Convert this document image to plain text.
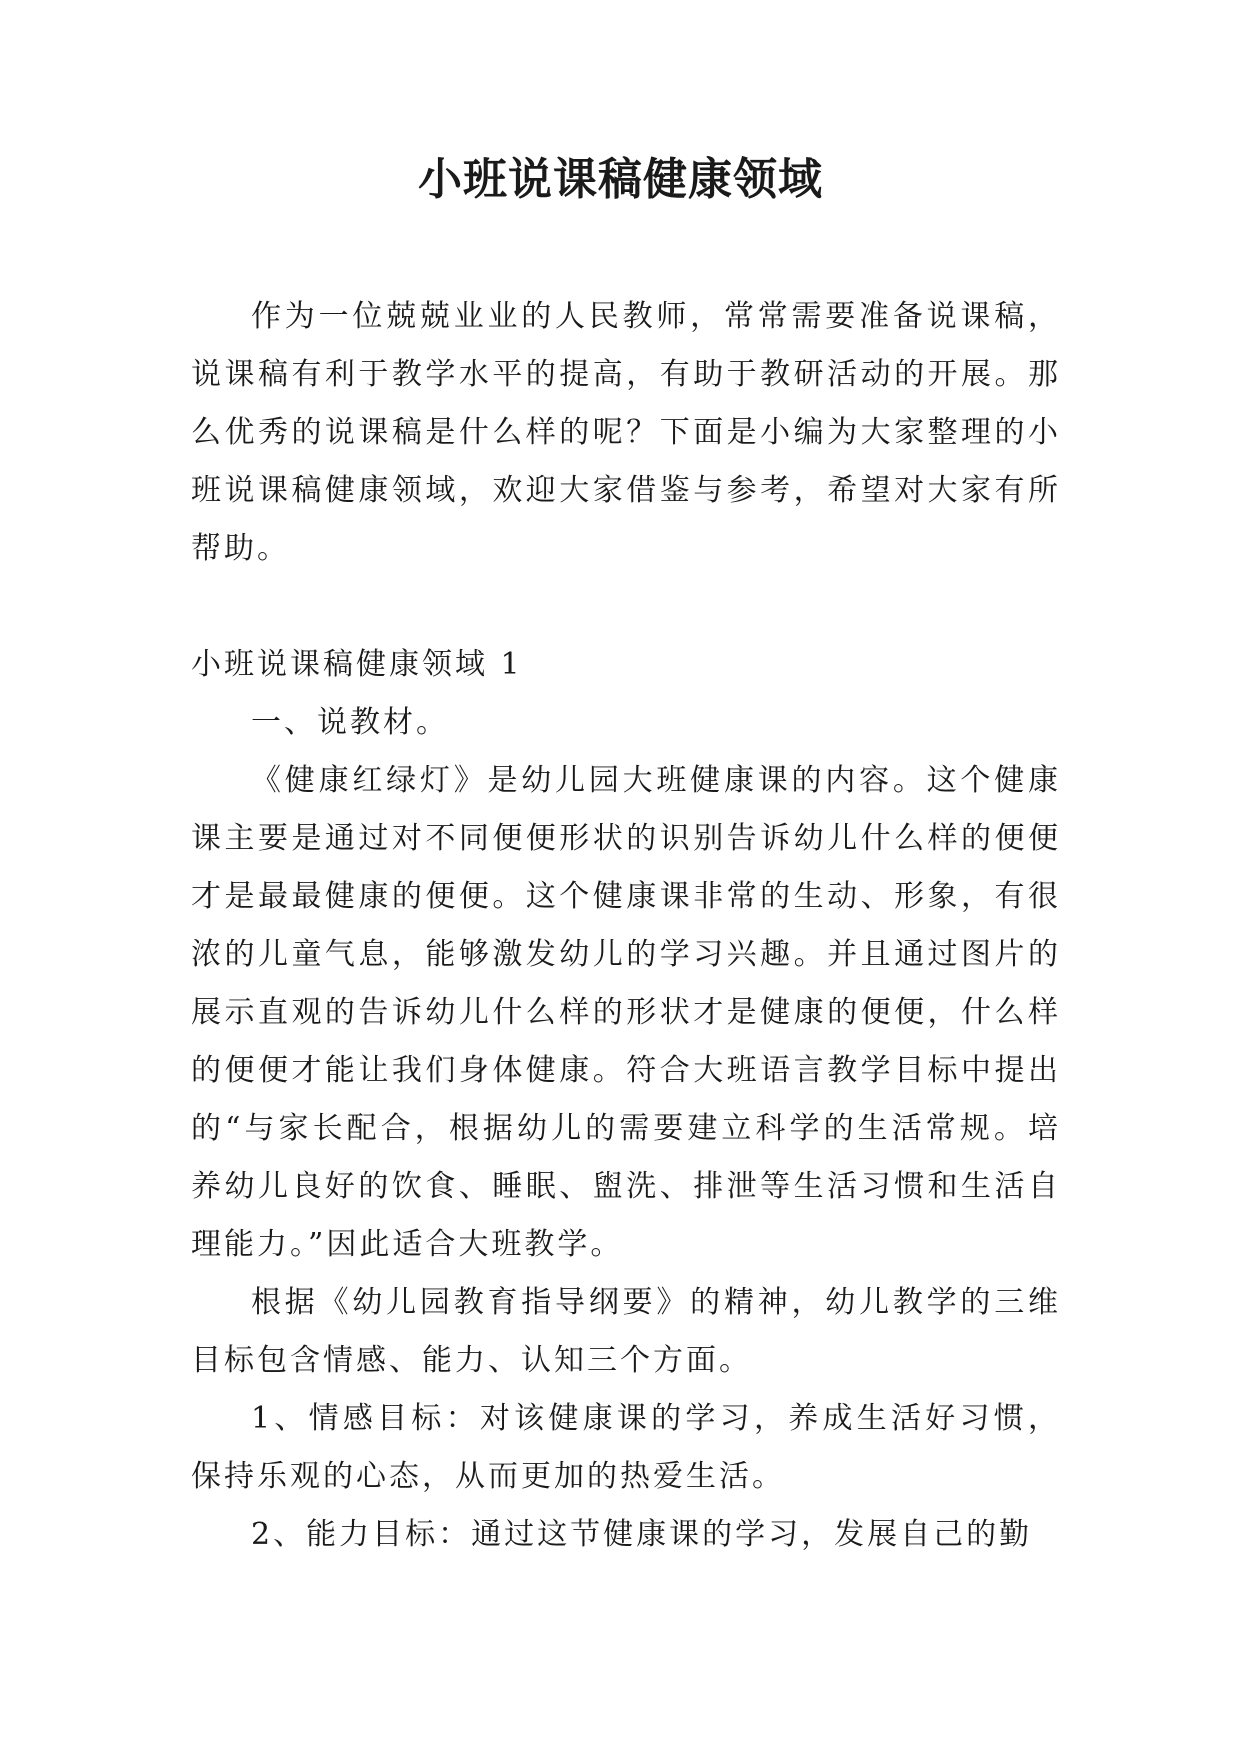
小班说课稿健康领域

作为一位兢兢业业的人民教师，常常需要准备说课稿，说课稿有利于教学水平的提高，有助于教研活动的开展。那么优秀的说课稿是什么样的呢？下面是小编为大家整理的小班说课稿健康领域，欢迎大家借鉴与参考，希望对大家有所帮助。

小班说课稿健康领域 1

一、说教材。

《健康红绿灯》是幼儿园大班健康课的内容。这个健康课主要是通过对不同便便形状的识别告诉幼儿什么样的便便才是最最健康的便便。这个健康课非常的生动、形象，有很浓的儿童气息，能够激发幼儿的学习兴趣。并且通过图片的展示直观的告诉幼儿什么样的形状才是健康的便便，什么样的便便才能让我们身体健康。符合大班语言教学目标中提出的“与家长配合，根据幼儿的需要建立科学的生活常规。培养幼儿良好的饮食、睡眠、盥洗、排泄等生活习惯和生活自理能力。”因此适合大班教学。

根据《幼儿园教育指导纲要》的精神，幼儿教学的三维目标包含情感、能力、认知三个方面。

1、情感目标：对该健康课的学习，养成生活好习惯，保持乐观的心态，从而更加的热爱生活。

2、能力目标：通过这节健康课的学习，发展自己的勤
